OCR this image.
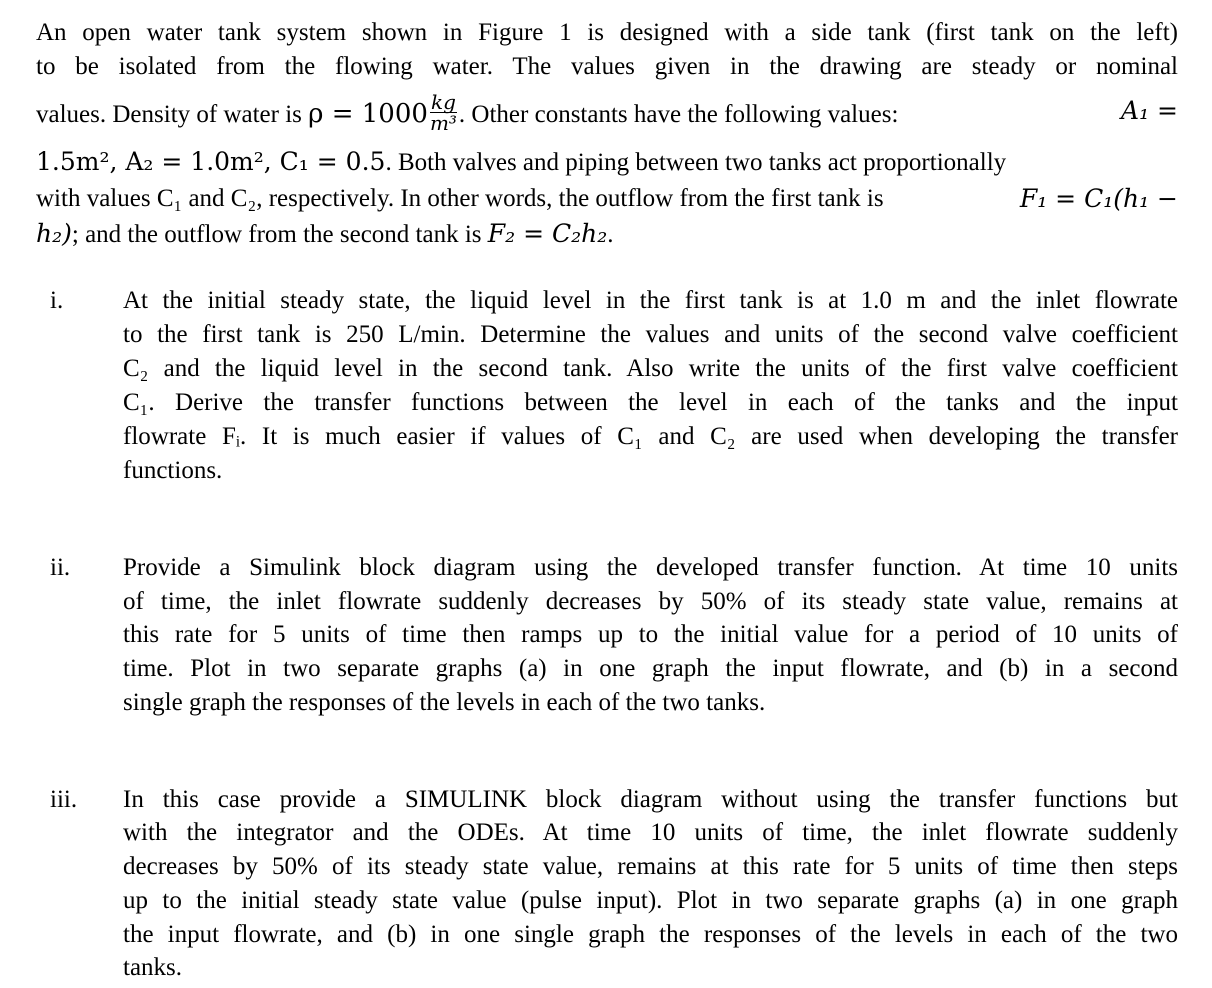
An open water tank system shown in Figure 1 is designed with a side tank (first tank on the left)
to be isolated from the flowing water. The values given in the drawing are steady or nominal
values. Density of water is $\rho = 1000 \frac{kg}{\text{m³}}$ . Other constants have the following values:	A₁ =
1.5m², A₂ = 1.0m², C₁ = 0.5. Both valves and piping between two tanks act proportionally
with values C₁ and C₂, respectively. In other words, the outflow from the first tank is	F₁ = C₁(h₁ −
h₂); and the outflow from the second tank is F₂ = C₂h₂.
i. At the initial steady state, the liquid level in the first tank is at 1.0 m and the inlet flowrate
to the first tank is 250 L/min. Determine the values and units of the second valve coefficient
C₂ and the liquid level in the second tank. Also write the units of the first valve coefficient
C₁. Derive the transfer functions between the level in each of the tanks and the input
flowrate Fᵢ. It is much easier if values of C₁ and C₂ are used when developing the transfer
functions.
ii. Provide a Simulink block diagram using the developed transfer function. At time 10 units
of time, the inlet flowrate suddenly decreases by 50% of its steady state value, remains at
this rate for 5 units of time then ramps up to the initial value for a period of 10 units of
time. Plot in two separate graphs (a) in one graph the input flowrate, and (b) in a second
single graph the responses of the levels in each of the two tanks.
iii. In this case provide a SIMULINK block diagram without using the transfer functions but
with the integrator and the ODEs. At time 10 units of time, the inlet flowrate suddenly
decreases by 50% of its steady state value, remains at this rate for 5 units of time then steps
up to the initial steady state value (pulse input). Plot in two separate graphs (a) in one graph
the input flowrate, and (b) in one single graph the responses of the levels in each of the two
tanks.
